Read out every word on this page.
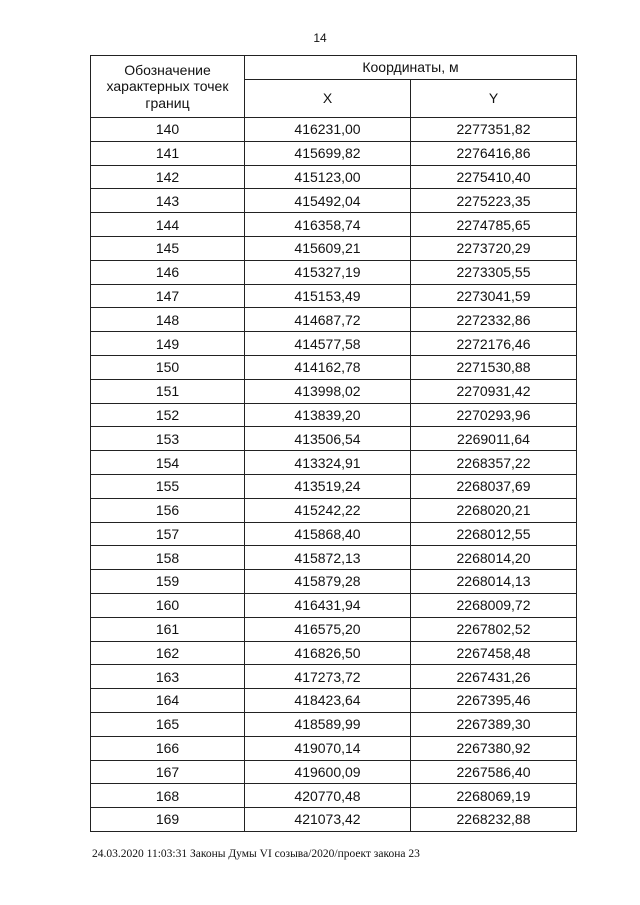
14
Обозначение характерных точек границ	Координаты, м	
	X	Y
140	416231,00	2277351,82
141	415699,82	2276416,86
142	415123,00	2275410,40
143	415492,04	2275223,35
144	416358,74	2274785,65
145	415609,21	2273720,29
146	415327,19	2273305,55
147	415153,49	2273041,59
148	414687,72	2272332,86
149	414577,58	2272176,46
150	414162,78	2271530,88
151	413998,02	2270931,42
152	413839,20	2270293,96
153	413506,54	2269011,64
154	413324,91	2268357,22
155	413519,24	2268037,69
156	415242,22	2268020,21
157	415868,40	2268012,55
158	415872,13	2268014,20
159	415879,28	2268014,13
160	416431,94	2268009,72
161	416575,20	2267802,52
162	416826,50	2267458,48
163	417273,72	2267431,26
164	418423,64	2267395,46
165	418589,99	2267389,30
166	419070,14	2267380,92
167	419600,09	2267586,40
168	420770,48	2268069,19
169	421073,42	2268232,88
24.03.2020 11:03:31 Законы Думы VI созыва/2020/проект закона 23
